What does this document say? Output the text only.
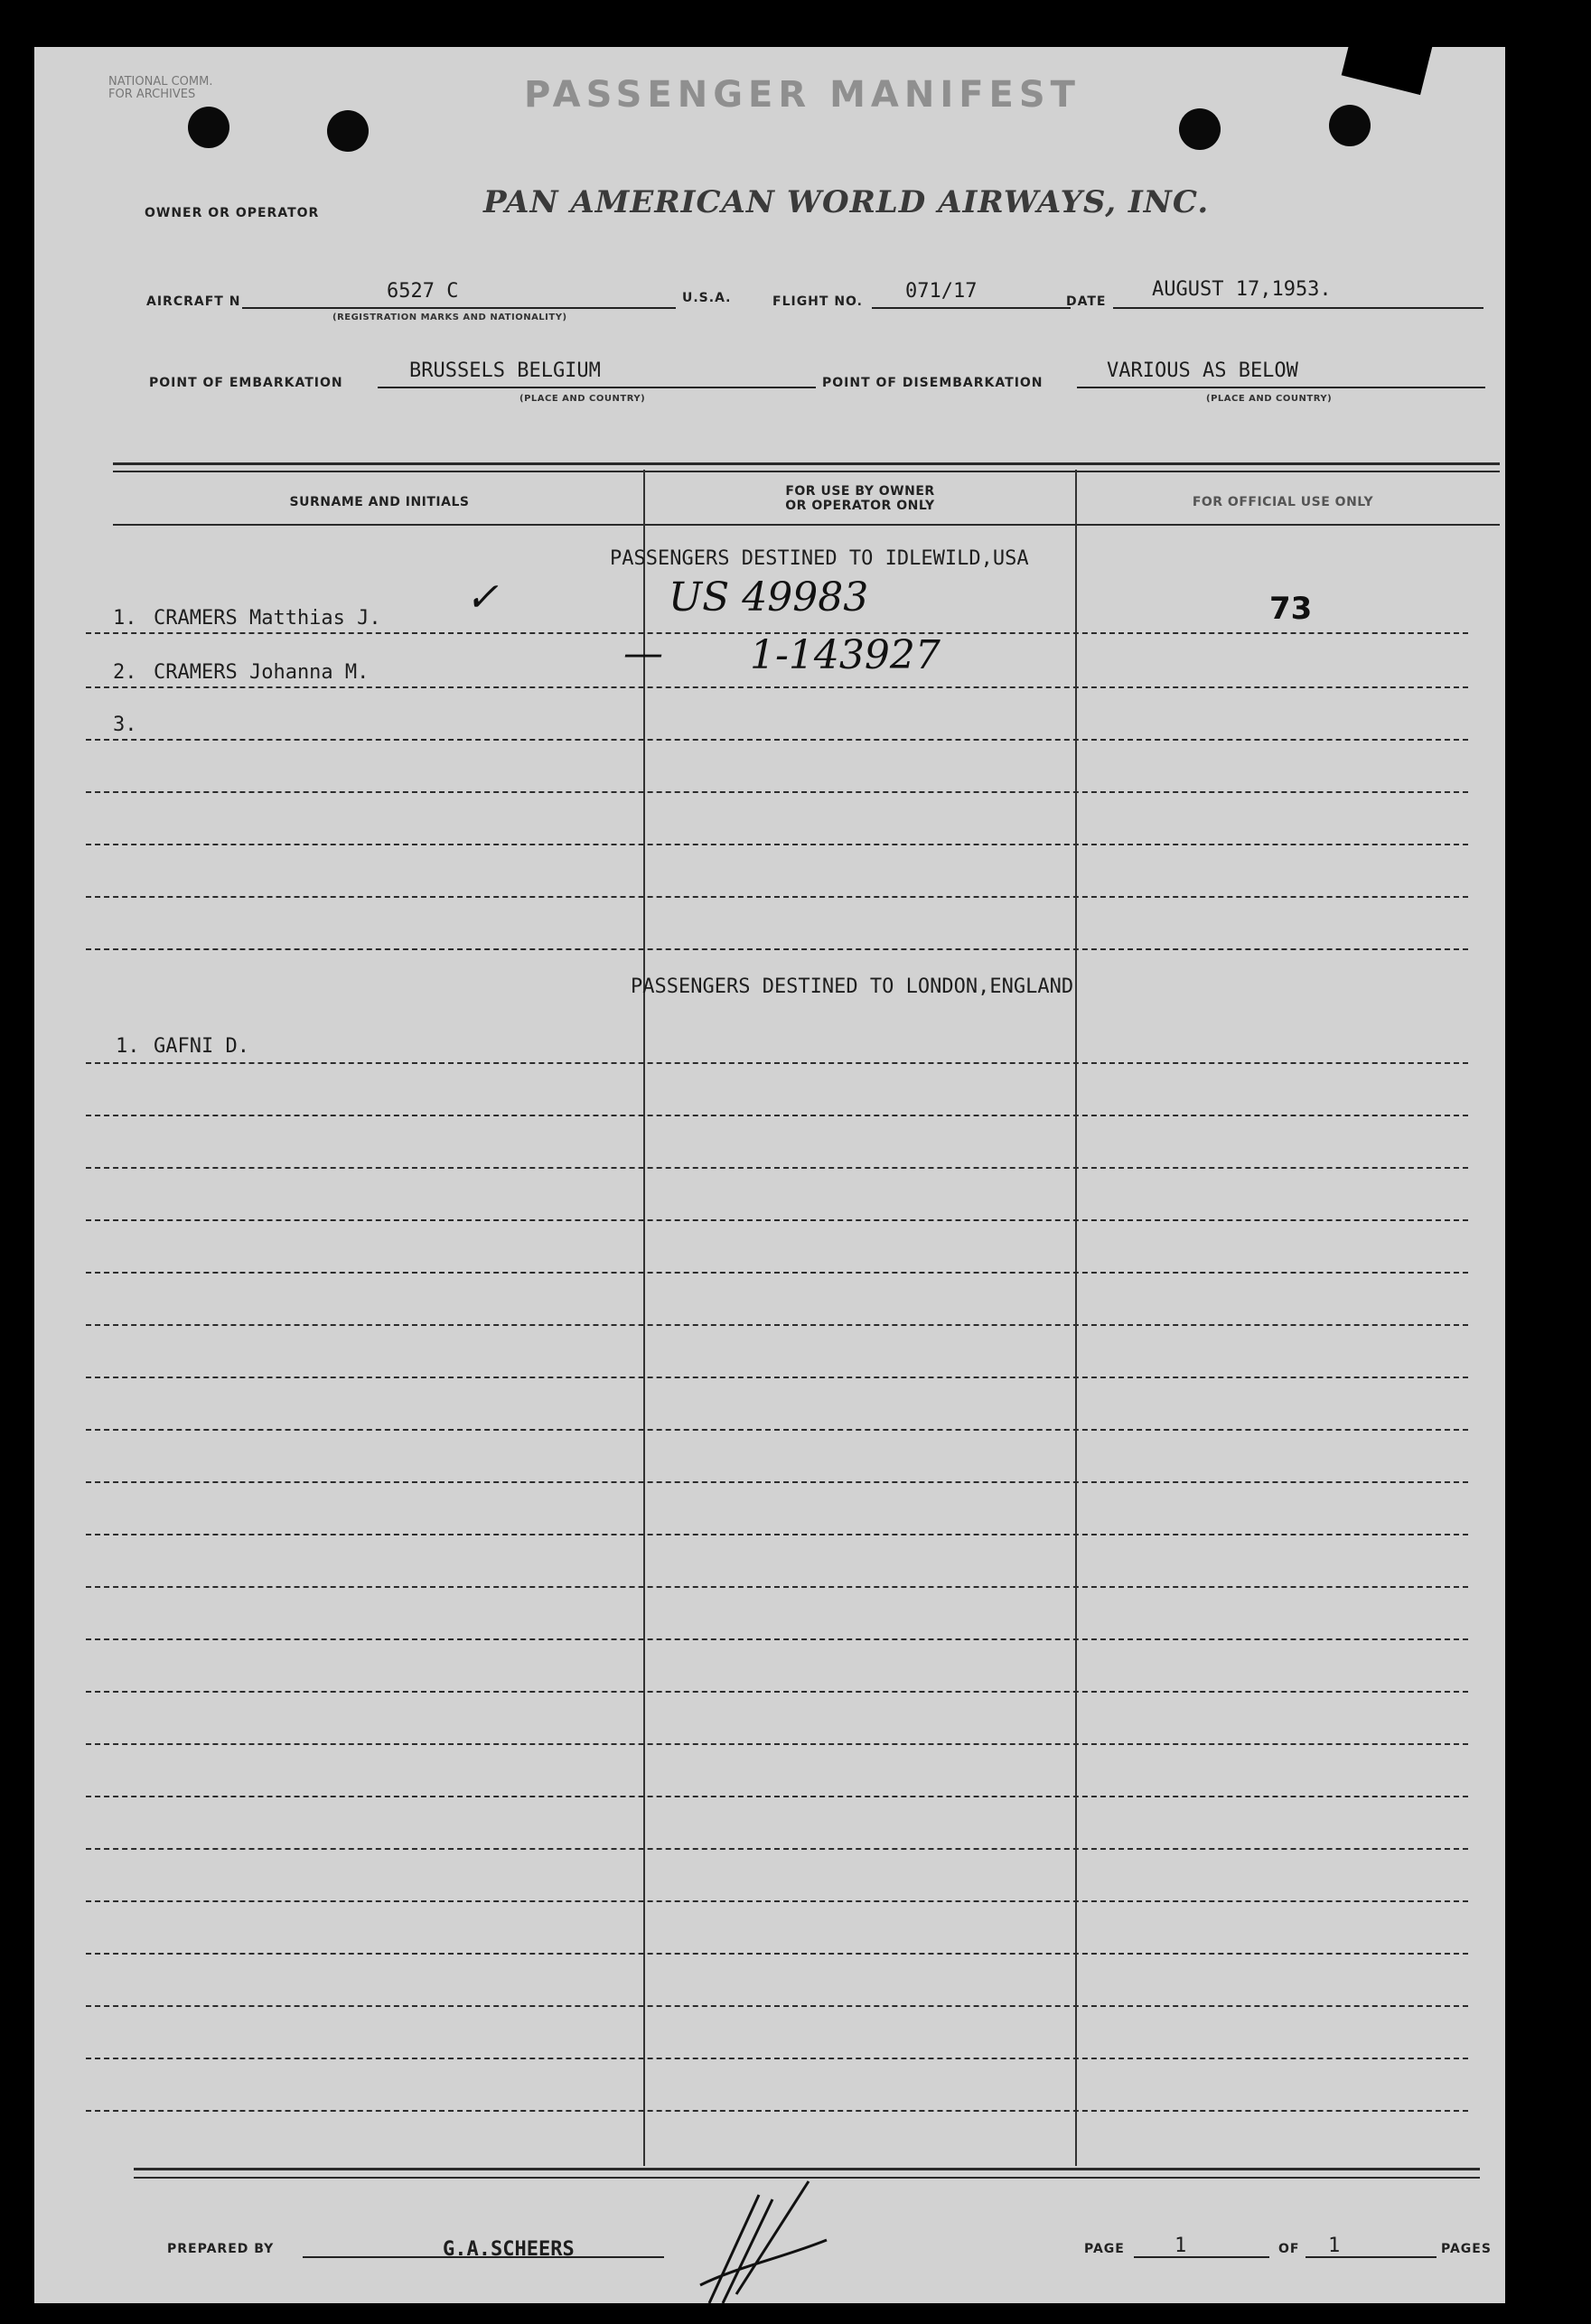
NATIONAL COMM.
FOR ARCHIVES	PASSENGER MANIFEST
OWNER OR OPERATOR	PAN AMERICAN WORLD AIRWAYS, INC.
AIRCRAFT N	6527 C
(REGISTRATION MARKS AND NATIONALITY)
U.S.A.	FLIGHT NO. 071/17	DATE
AUGUST 17,1953.
POINT OF EMBARKATION
BRUSSELS BELGIUM
(PLACE AND COUNTRY)
POINT OF DISEMBARKATION
VARIOUS AS BELOW
(PLACE AND COUNTRY)
SURNAME AND INITIALS
FOR USE BY OWNER
OR OPERATOR ONLY	FOR OFFICIAL USE ONLY
PASSENGERS DESTINED TO IDLEWILD,USA
1. CRAMERS Matthias J. ✓	US 49983	73
2. CRAMERS Johanna M.	— 1-143927
3.
PASSENGERS DESTINED TO LONDON,ENGLAND
1. GAFNI D.
PREPARED BY	G.A.SCHEERS	PAGE	1	OF 1	PAGES
